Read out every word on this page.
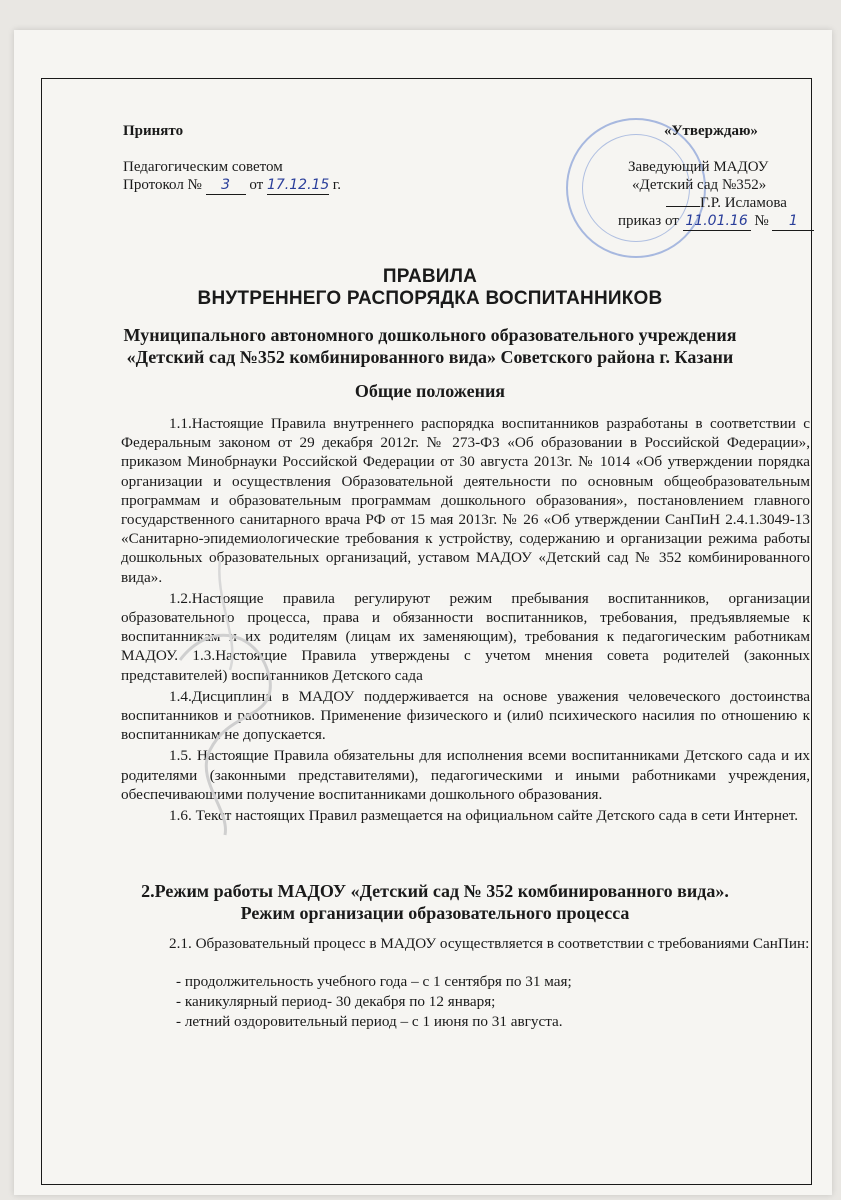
Принято
Педагогическим советом
Протокол № 3 от 17.12.15 г.
«Утверждаю»
Заведующий МАДОУ
«Детский сад №352»
Г.Р. Исламова
приказ от 11.01.16 № 1
ПРАВИЛА
ВНУТРЕННЕГО РАСПОРЯДКА ВОСПИТАННИКОВ
Муниципального автономного дошкольного образовательного учреждения
«Детский сад №352 комбинированного вида» Советского района г. Казани
Общие положения

1.1.Настоящие Правила внутреннего распорядка воспитанников разработаны в соответствии с Федеральным законом от 29 декабря 2012г. № 273-ФЗ «Об образовании в Российской Федерации», приказом Минобрнауки Российской Федерации от 30 августа 2013г. № 1014 «Об утверждении порядка организации и осуществления Образовательной деятельности по основным общеобразовательным программам и образовательным программам дошкольного образования», постановлением главного государственного санитарного врача РФ от 15 мая 2013г. № 26 «Об утверждении СанПиН 2.4.1.3049-13 «Санитарно-эпидемиологические требования к устройству, содержанию и организации режима работы дошкольных образовательных организаций, уставом МАДОУ «Детский сад № 352 комбинированного вида».

1.2.Настоящие правила регулируют режим пребывания воспитанников, организации образовательного процесса, права и обязанности воспитанников, требования, предъявляемые к воспитанникам и их родителям (лицам их заменяющим), требования к педагогическим работникам МАДОУ. 1.3.Настоящие Правила утверждены с учетом мнения совета родителей (законных представителей) воспитанников Детского сада

1.4.Дисциплина в МАДОУ поддерживается на основе уважения человеческого достоинства воспитанников и работников. Применение физического и (или0 психического насилия по отношению к воспитанникам не допускается.

1.5. Настоящие Правила обязательны для исполнения всеми воспитанниками Детского сада и их родителями (законными представителями), педагогическими и иными работниками учреждения, обеспечивающими получение воспитанниками дошкольного образования.

1.6. Текст настоящих Правил размещается на официальном сайте Детского сада в сети Интернет.

2.Режим работы МАДОУ «Детский сад № 352 комбинированного вида».
Режим организации образовательного процесса

2.1. Образовательный процесс в МАДОУ осуществляется в соответствии с требованиями СанПин:

- продолжительность учебного года – с 1 сентября по 31 мая;
- каникулярный период- 30 декабря по 12 января;
- летний оздоровительный период – с 1 июня по 31 августа.
